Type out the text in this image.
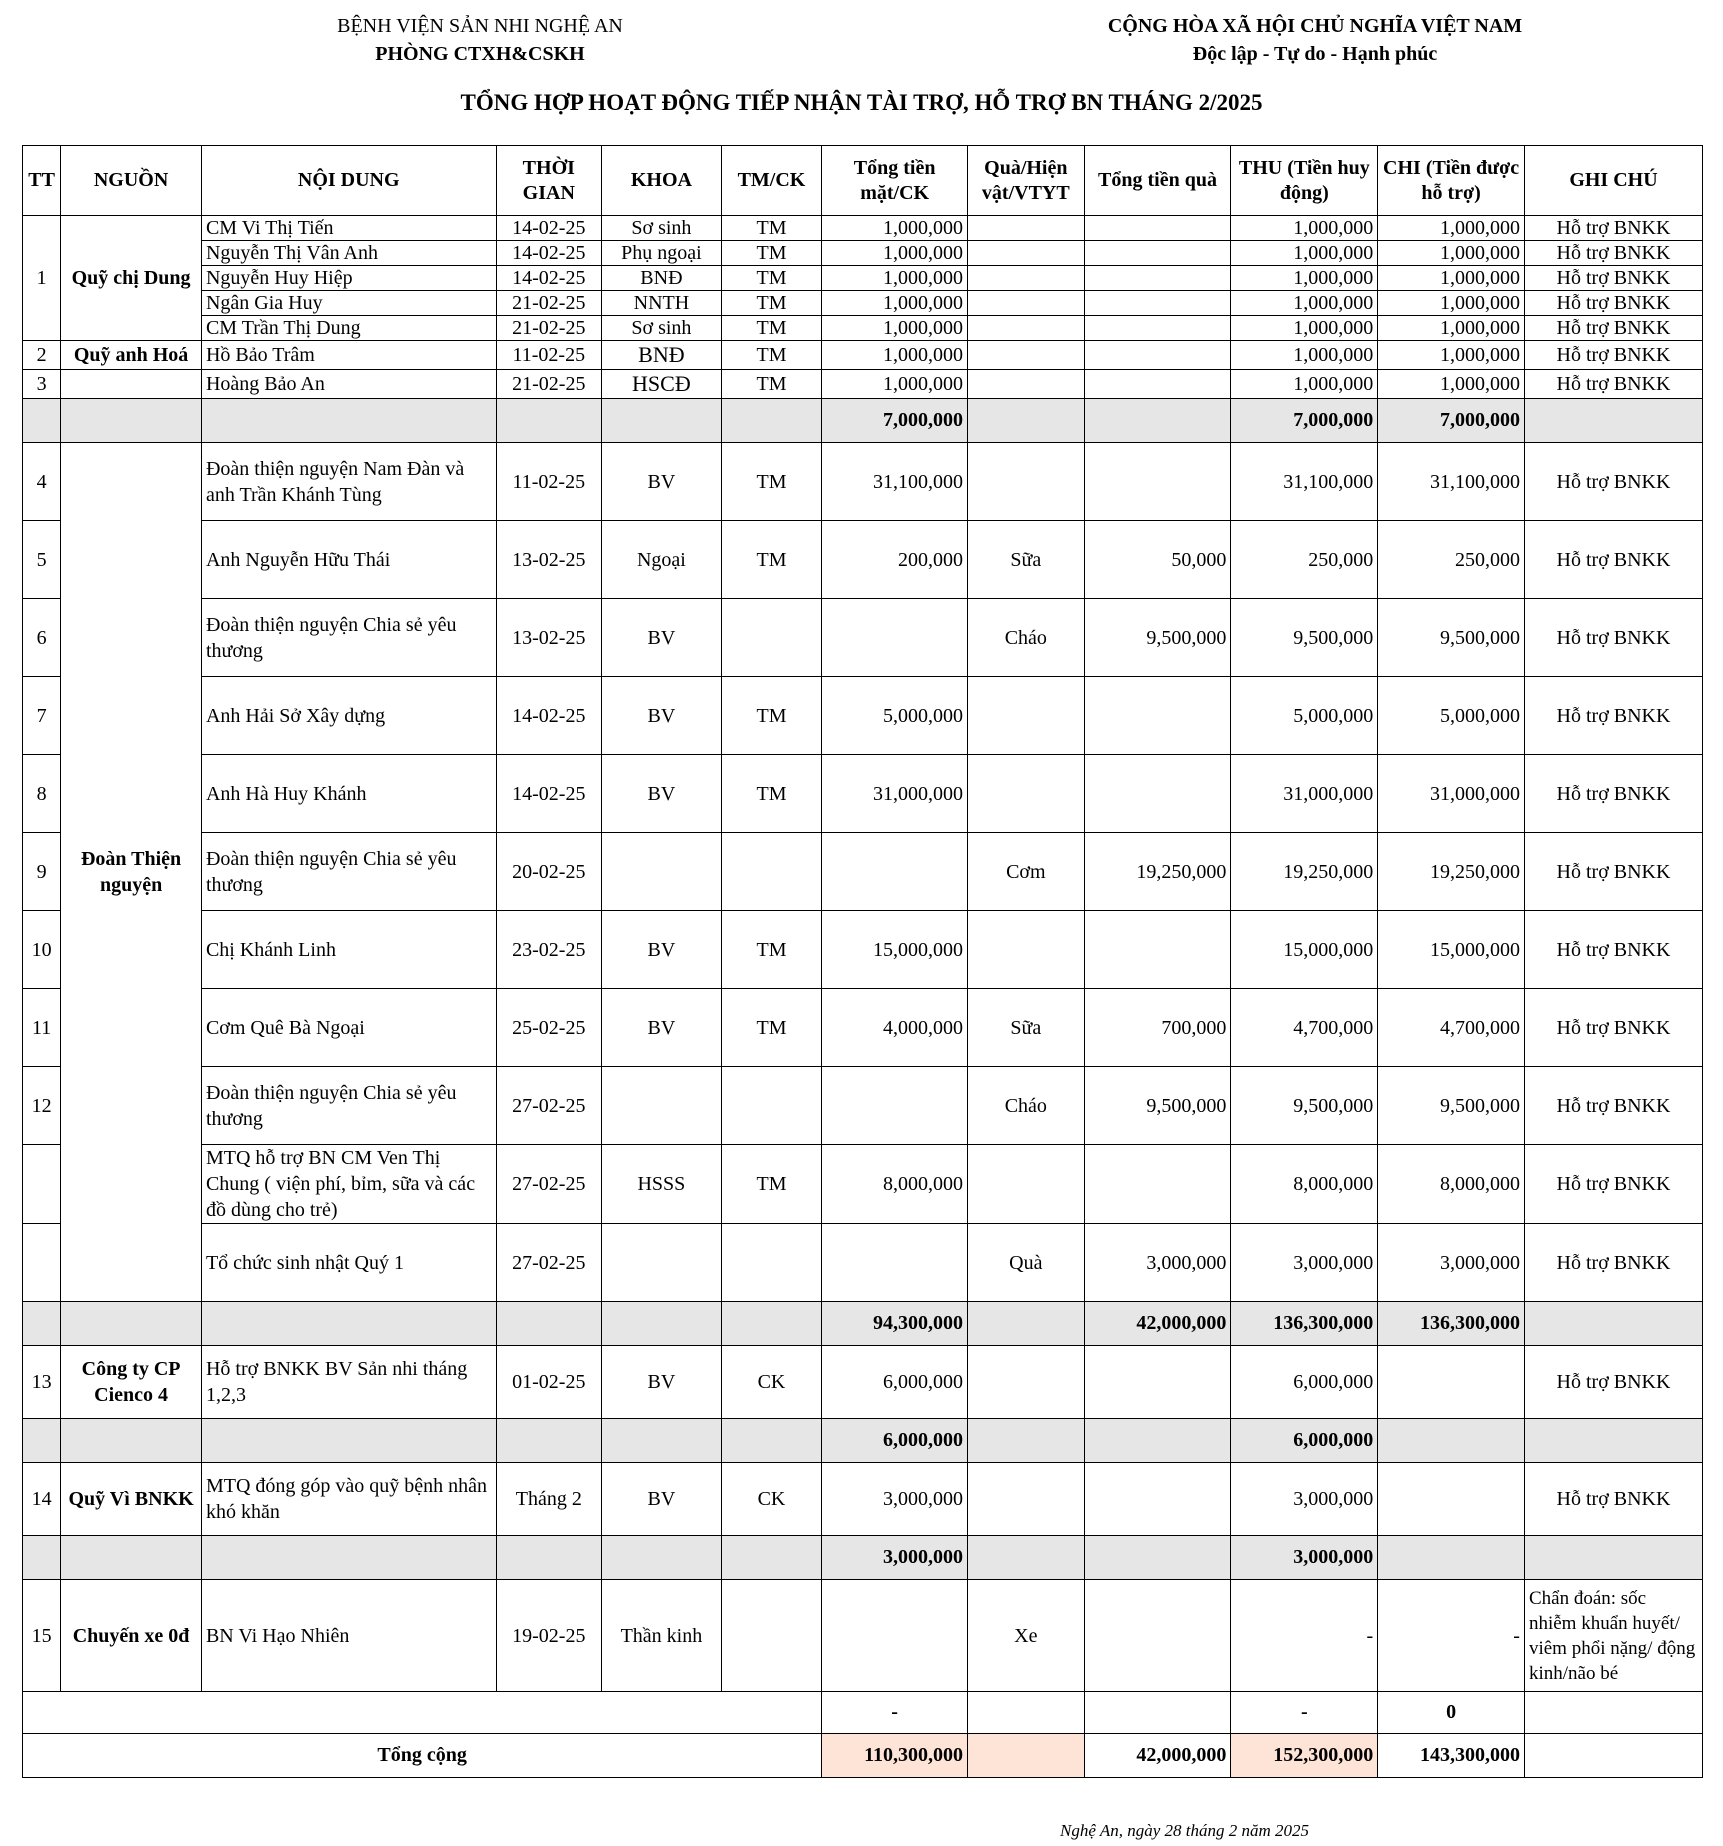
BỆNH VIỆN SẢN NHI NGHỆ AN
PHÒNG CTXH&CSKH
CỘNG HÒA XÃ HỘI CHỦ NGHĨA VIỆT NAM
Độc lập - Tự do - Hạnh phúc
TỔNG HỢP HOẠT ĐỘNG TIẾP NHẬN TÀI TRỢ, HỖ TRỢ BN THÁNG 2/2025
TT	NGUỒN	NỘI DUNG	THỜI GIAN	KHOA	TM/CK	Tổng tiền mặt/CK	Quà/Hiện vật/VTYT	Tổng tiền quà	THU (Tiền huy động)	CHI (Tiền được hỗ trợ)	GHI CHÚ
1	Quỹ chị Dung	CM Vi Thị Tiến	14-02-25	Sơ sinh	TM	1,000,000			1,000,000	1,000,000	Hỗ trợ BNKK
		Nguyễn Thị Vân Anh	14-02-25	Phụ ngoại	TM	1,000,000			1,000,000	1,000,000	Hỗ trợ BNKK
		Nguyễn Huy Hiệp	14-02-25	BNĐ	TM	1,000,000			1,000,000	1,000,000	Hỗ trợ BNKK
		Ngân Gia Huy	21-02-25	NNTH	TM	1,000,000			1,000,000	1,000,000	Hỗ trợ BNKK
		CM Trần Thị Dung	21-02-25	Sơ sinh	TM	1,000,000			1,000,000	1,000,000	Hỗ trợ BNKK
2	Quỹ anh Hoá	Hồ Bảo Trâm	11-02-25	BNĐ	TM	1,000,000			1,000,000	1,000,000	Hỗ trợ BNKK
3		Hoàng Bảo An	21-02-25	HSCĐ	TM	1,000,000			1,000,000	1,000,000	Hỗ trợ BNKK
						7,000,000			7,000,000	7,000,000	
4	Đoàn Thiện nguyện	Đoàn thiện nguyện Nam Đàn và anh Trần Khánh Tùng	11-02-25	BV	TM	31,100,000			31,100,000	31,100,000	Hỗ trợ BNKK
5		Anh Nguyễn Hữu Thái	13-02-25	Ngoại	TM	200,000	Sữa	50,000	250,000	250,000	Hỗ trợ BNKK
6		Đoàn thiện nguyện Chia sẻ yêu thương	13-02-25	BV			Cháo	9,500,000	9,500,000	9,500,000	Hỗ trợ BNKK
7		Anh Hải Sở Xây dựng	14-02-25	BV	TM	5,000,000			5,000,000	5,000,000	Hỗ trợ BNKK
8		Anh Hà Huy Khánh	14-02-25	BV	TM	31,000,000			31,000,000	31,000,000	Hỗ trợ BNKK
9		Đoàn thiện nguyện Chia sẻ yêu thương	20-02-25				Cơm	19,250,000	19,250,000	19,250,000	Hỗ trợ BNKK
10		Chị Khánh Linh	23-02-25	BV	TM	15,000,000			15,000,000	15,000,000	Hỗ trợ BNKK
11		Cơm Quê Bà Ngoại	25-02-25	BV	TM	4,000,000	Sữa	700,000	4,700,000	4,700,000	Hỗ trợ BNKK
12		Đoàn thiện nguyện Chia sẻ yêu thương	27-02-25				Cháo	9,500,000	9,500,000	9,500,000	Hỗ trợ BNKK
		MTQ hỗ trợ BN CM Ven Thị Chung ( viện phí, bỉm, sữa và các đồ dùng cho trẻ)	27-02-25	HSSS	TM	8,000,000			8,000,000	8,000,000	Hỗ trợ BNKK
		Tổ chức sinh nhật Quý 1	27-02-25				Quà	3,000,000	3,000,000	3,000,000	Hỗ trợ BNKK
						94,300,000		42,000,000	136,300,000	136,300,000	
13	Công ty CP Cienco 4	Hỗ trợ BNKK BV Sản nhi tháng 1,2,3	01-02-25	BV	CK	6,000,000			6,000,000		Hỗ trợ BNKK
						6,000,000			6,000,000		
14	Quỹ Vì BNKK	MTQ đóng góp vào quỹ bệnh nhân khó khăn	Tháng 2	BV	CK	3,000,000			3,000,000		Hỗ trợ BNKK
						3,000,000			3,000,000		
15	Chuyến xe 0đ	BN Vi Hạo Nhiên	19-02-25	Thần kinh			Xe		-	-	Chẩn đoán: sốc nhiễm khuẩn huyết/ viêm phổi nặng/ động kinh/não bé
						-			-	0	
Tổng cộng						110,300,000		42,000,000	152,300,000	143,300,000	
Nghệ An, ngày 28 tháng 2 năm 2025
